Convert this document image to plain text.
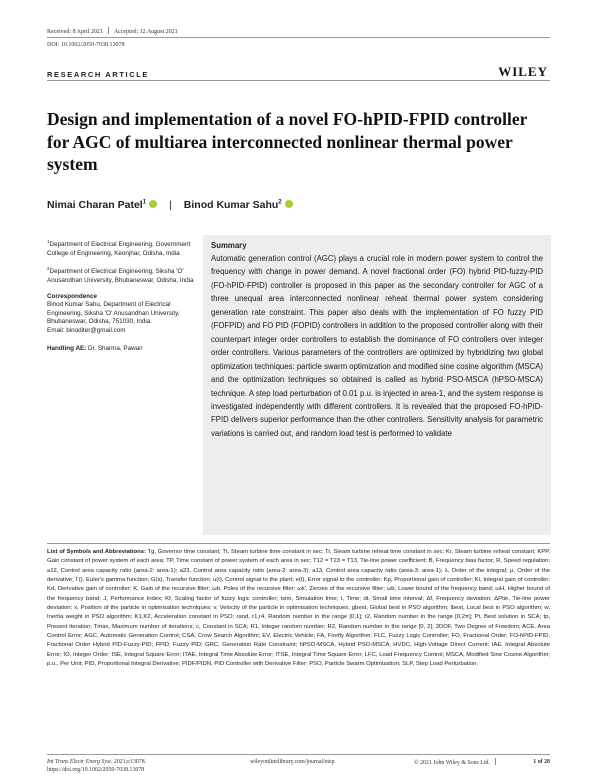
Received: 8 April 2021 Accepted: 12 August 2021
DOI: 10.1002/2050-7038.13078
RESEARCH ARTICLE	WILEY
Design and implementation of a novel FO-hPID-FPID controller for AGC of multiarea interconnected nonlinear thermal power system
Nimai Charan Patel$^1$ | Binod Kumar Sahu$^2$
$^1$Department of Electrical Engineering, Government College of Engineering, Keonjhar, Odisha, India
$^2$Department of Electrical Engineering, Siksha 'O' Anusandhan University, Bhubaneswar, Odisha, India
Correspondence
Binod Kumar Sahu, Department of Electrical Engineering, Siksha 'O' Anusandhan University, Bhubaneswar, Odisha, 751030, India.
Email: binoditer@gmail.com
Handling AE: Dr. Sharma, Pawan
Summary
Automatic generation control (AGC) plays a crucial role in modern power system to control the frequency with change in power demand. A novel fractional order (FO) hybrid PID-fuzzy-PID (FO-hPID-FPID) controller is proposed in this paper as the secondary controller for AGC of a three unequal area interconnected nonlinear reheat thermal power system considering generation rate constraint. This paper also deals with the implementation of FO fuzzy PID (FOFPID) and FO PID (FOPID) controllers in addition to the proposed controller along with their counterpart integer order controllers to establish the dominance of FO controllers over integer order controllers. Various parameters of the controllers are optimized by hybridizing two global optimization techniques: particle swarm optimization and modified sine cosine algorithm (MSCA) and the optimization techniques so obtained is called as hybrid PSO-MSCA (hPSO-MSCA) technique. A step load perturbation of 0.01 p.u. is injected in area-1, and the system response is investigated independently with different controllers. It is revealed that the proposed FO-hPID-FPID delivers superior performance than the other controllers. Sensitivity analysis for parametric variations is carried out, and random load test is performed to validate
List of Symbols and Abbreviations: Tg, Governor time constant; Tt, Steam turbine time constant in sec; Tr, Steam turbine reheat time constant in sec; Kr, Steam turbine reheat constant; KPP, Gain constant of power system of each area; TP, Time constant of power system of each area in sec; T12 = T23 = T13, Tie-line power coefficient; B, Frequency bias factor; R, Speed regulation; a12, Control area capacity ratio (area-2: area-1); a23, Control area capacity ratio (area-2: area-3); a13, Control area capacity ratio (area-3: area-1); λ, Order of the integral; μ, Order of the derivative; Γ(), Euler's gamma function; G(s), Transfer function; u(t), Control signal to the plant; e(t), Error signal to the controller; Kp, Proportional gain of controller; Ki, Integral gain of controller; Kd, Derivative gain of controller; K, Gain of the recursive filter; ωb, Poles of the recursive filter; ωk', Zeroes of the recursive filter; ωb, Lower bound of the frequency band; ωH, Higher bound of the frequency band; J, Performance Index; Kf, Scaling factor of fuzzy logic controller; tsim, Simulation time; t, Time; dt, Small time interval; Δf, Frequency deviation; ΔPtie, Tie-line power deviation; x, Position of the particle in optimisation techniques; v, Velocity of the particle in optimisation techniques; gbest, Global best in PSO algorithm; lbest, Local best in PSO algorithm; w, Inertia weight in PSO algorithm; K1,K2, Acceleration constant in PSO; rand, r1,r4, Random number in the range [0,1]; r2, Random number in the range [0,2π]; Pt, Best solution in SCA; tp, Present iteration; Tmax, Maximum number of iterations; c, Constant in SCA; R1, Integer random number; R2, Random number in the range [0, 2]; 2DOF, Two Degree of Freedom; ACE, Area Control Error; AGC, Automatic Generation Control; CSA, Crow Search Algorithm; EV, Electric Vehicle; FA, Firefly Algorithm; FLC, Fuzzy Logic Controller; FO, Fractional Order; FO-hPID-FPID, Fractional Order Hybrid PID-Fuzzy-PID; FPID, Fuzzy PID; GRC, Generation Rate Constraint; hPSO-MSCA, Hybrid PSO-MSCA; HVDC, High-Voltage Direct Current; IAE, Integral Absolute Error; IO, Integer Order; ISE, Integral Square Error; ITAE, Integral Time Absolute Error; ITSE, Integral Time Square Error; LFC, Load Frequency Control; MSCA, Modified Sine Cosine Algorithm; p.u., Per Unit; PID, Proportional Integral Derivative; PIDF/PIDN, PID Controller with Derivative Filter; PSO, Particle Swarm Optimization; SLP, Step Load Perturbation.
Int Trans Electr Energ Syst. 2021;e13078.
https://doi.org/10.1002/2050-7038.13078
wileyonlinelibrary.com/journal/etep	© 2021 John Wiley & Sons Ltd.	1 of 28
